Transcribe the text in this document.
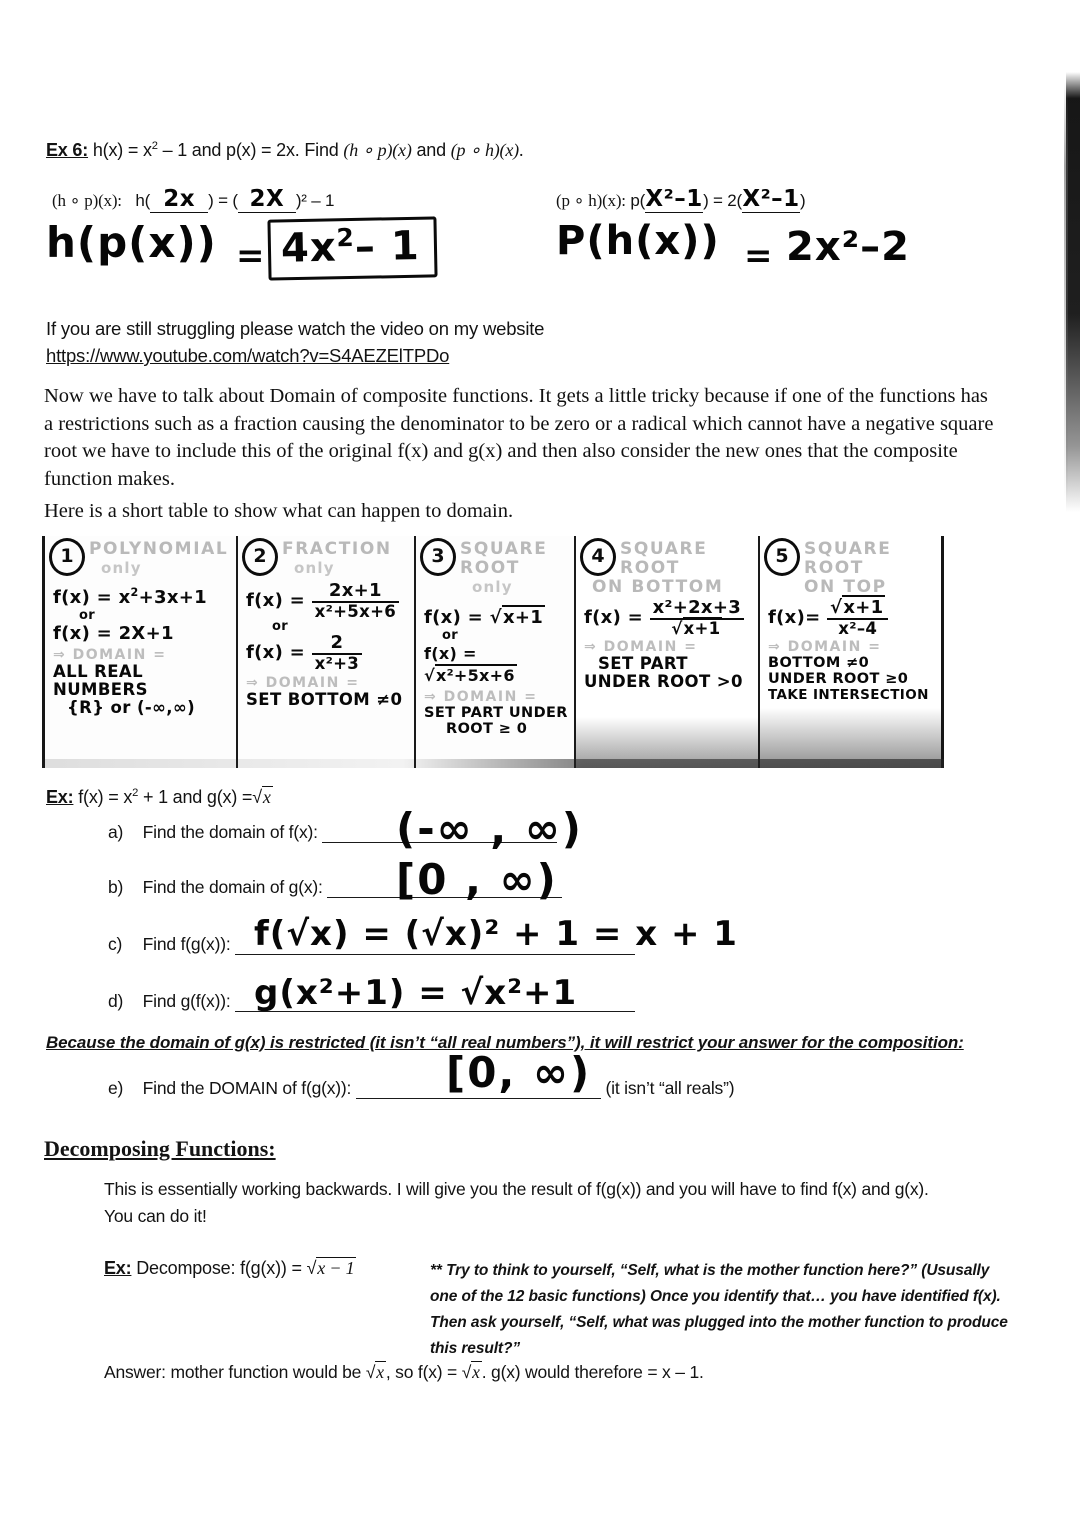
Ex 6: $h(x) = x^2 - 1$ and p(x) = 2x. Find (h ∘ p)(x) and (p ∘ h)(x).
(h ∘ p)(x): h( 2x ) = ( 2X )² – 1
$h(p(x)) = 4x^2-$ 1
(p ∘ h)(x): p(X²–1) = 2(X²–1)
P(h(x)) = 2x²–2
If you are still struggling please watch the video on my website
https://www.youtube.com/watch?v=S4AEZElTPDo
Now we have to talk about Domain of composite functions. It gets a little tricky because if one of the functions has a restrictions such as a fraction causing the denominator to be zero or a radical which cannot have a negative square root we have to include this of the original f(x) and g(x) and then also consider the new ones that the composite function makes.
Here is a short table to show what can happen to domain.
1 POLYNOMIAL
only
$f(x) = x^2+3x+1$
or
f(x) = 2X+1
⇒ DOMAIN =
ALL REAL NUMBERS
{R} or (-∞,∞)
2 FRACTION
only
$f(x) = \frac{2x+1}{\text{x²+5x+6}}$
or
$f(x) = \frac{2}{\text{x²+3}}$
⇒ DOMAIN =
SET BOTTOM ≠0
3 SQUARE ROOT
only
f(x) = √x+1
or
f(x) = √x²+5x+6
⇒ DOMAIN =
SET PART UNDER
ROOT ≥ 0
4 SQUARE
ROOT
ON BOTTOM
$f(x) = \frac{\text{x²+2x+3}}{√x+1}$
⇒ DOMAIN =
SET PART
UNDER ROOT >0
5 SQUARE
ROOT
ON TOP
$f(x)= \frac{√x+1}{\text{x²–4}}$
⇒ DOMAIN =
BOTTOM ≠0
UNDER ROOT ≥0
TAKE INTERSECTION
Ex: $f(x) = x^2 + 1$ and g(x) =√x
a) Find the domain of f(x): (-∞ , ∞)
b) Find the domain of g(x): [0 , ∞)
c) Find f(g(x)): f(√x) = (√x)² + 1 = x + 1
d) Find g(f(x)): g(x²+1) = √x²+1
Because the domain of g(x) is restricted (it isn’t “all real numbers”), it will restrict your answer for the composition:
e) Find the DOMAIN of f(g(x)):	(it isn’t “all reals”)
[0, ∞)
Decomposing Functions:
This is essentially working backwards. I will give you the result of f(g(x)) and you will have to find f(x) and g(x).
You can do it!
Ex: Decompose: f(g(x)) = √x − 1	** Try to think to yourself, “Self, what is the mother function here?” (Ususally one of the 12 basic functions) Once you identify that… you have identified f(x). Then ask yourself, “Self, what was plugged into the mother function to produce this result?”
Answer: mother function would be √x , so f(x) = √x . g(x) would therefore = x – 1.
